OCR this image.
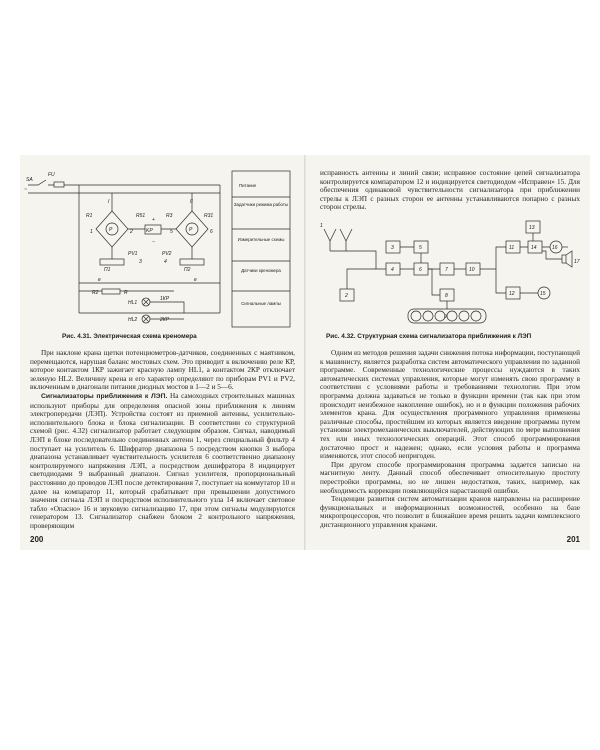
SA
FU
~
I
R1	R51
P
1	2
П1
+
KP
−
II
R3	R31
P
5	6
П2
3	4
PV1	PV2
e	e
R2	R
HL1
1КР
HL2	2КР
Питание
Задатчики режима работы
Измерительные схемы
Датчики креномера
Сигнальные лампы
Рис. 4.31. Электрическая схема креномера

При наклоне крана щетки потенциометров-датчиков, соединенных с маятником, перемещаются, нарушая баланс мостовых схем. Это приводит к включению реле КР, которое контактом 1КР зажигает красную лампу HL1, а контактом 2КР отключает зеленую HL2. Величину крена и его характер определяют по приборам PV1 и PV2, включенным в диагонали питания диодных мостов в 1—2 и 5—6.

Сигнализаторы приближения к ЛЭП. На самоходных строительных машинах используют приборы для определения опасной зоны приближения к линиям электропередачи (ЛЭП). Устройства состоят из приемной антенны, усилительно-исполнительного блока и блока сигнализации. В соответствии со структурной схемой (рис. 4.32) сигнализатор работает следующим образом. Сигнал, наводимый ЛЭП в блоке последовательно соединенных антенн 1, через специальный фильтр 4 поступает на усилитель 6. Шифратор диапазона 5 посредством кнопки 3 выбора диапазона устанавливает чувствительность усилителя 6 соответственно диапазону контролируемого напряжения ЛЭП, а посредством дешифратора 8 индицирует светодиодами 9 выбранный диапазон. Сигнал усилителя, пропорциональный расстоянию до проводов ЛЭП после детектирования 7, поступает на коммутатор 10 и далее на компаратор 11, который срабатывает при превышении допустимого значения сигнала ЛЭП и посредством исполнительного узла 14 включает световое табло «Опасно» 16 и звуковую сигнализацию 17, при этом сигналы модулируются генератором 13. Сигнализатор снабжен блоком 2 контрольного напряжения, проверяющим

200

исправность антенны и линий связи; исправное состояние цепей сигнализатора контролируется компаратором 12 и индицируется светодиодом «Исправен» 15. Для обеспечения одинаковой чувствительности сигнализатора при приближении стрелы к ЛЭП с разных сторон ее антенны устанавливаются попарно с разных сторон стрелы.

2
3	5
4	6	7	10
8
9
11
13
14	16
17
12	15
1
Рис. 4.32. Структурная схема сигнализатора приближения к ЛЭП

Одним из методов решения задачи снижения потока информации, поступающей к машинисту, является разработка систем автоматического управления по заданной программе. Современные технологические процессы нуждаются в таких автоматических системах управления, которые могут изменять свою программу в соответствии с условиями работы и требованиями технологии. При этом программа должна задаваться не только в функции времени (так как при этом происходит неизбежное накопление ошибок), но и в функции положения рабочих элементов крана. Для осуществления программного управления применены различные способы, простейшим из которых является введение программы путем установки электромеханических выключателей, действующих по мере выполнения тех или иных технологических операций. Этот способ программирования достаточно прост и надежен; однако, если условия работы и программа изменяются, этот способ непригоден.

При другом способе программирования программа задается записью на магнитную ленту. Данный способ обеспечивает относительную простоту перестройки программы, но не лишен недостатков, таких, например, как необходимость коррекции появляющейся нарастающей ошибки.

Тенденции развития систем автоматизации кранов направлены на расширение функциональных и информационных возможностей, особенно на базе микропроцессоров, что позволит в ближайшее время решить задачи комплексного дистанционного управления кранами.

201
